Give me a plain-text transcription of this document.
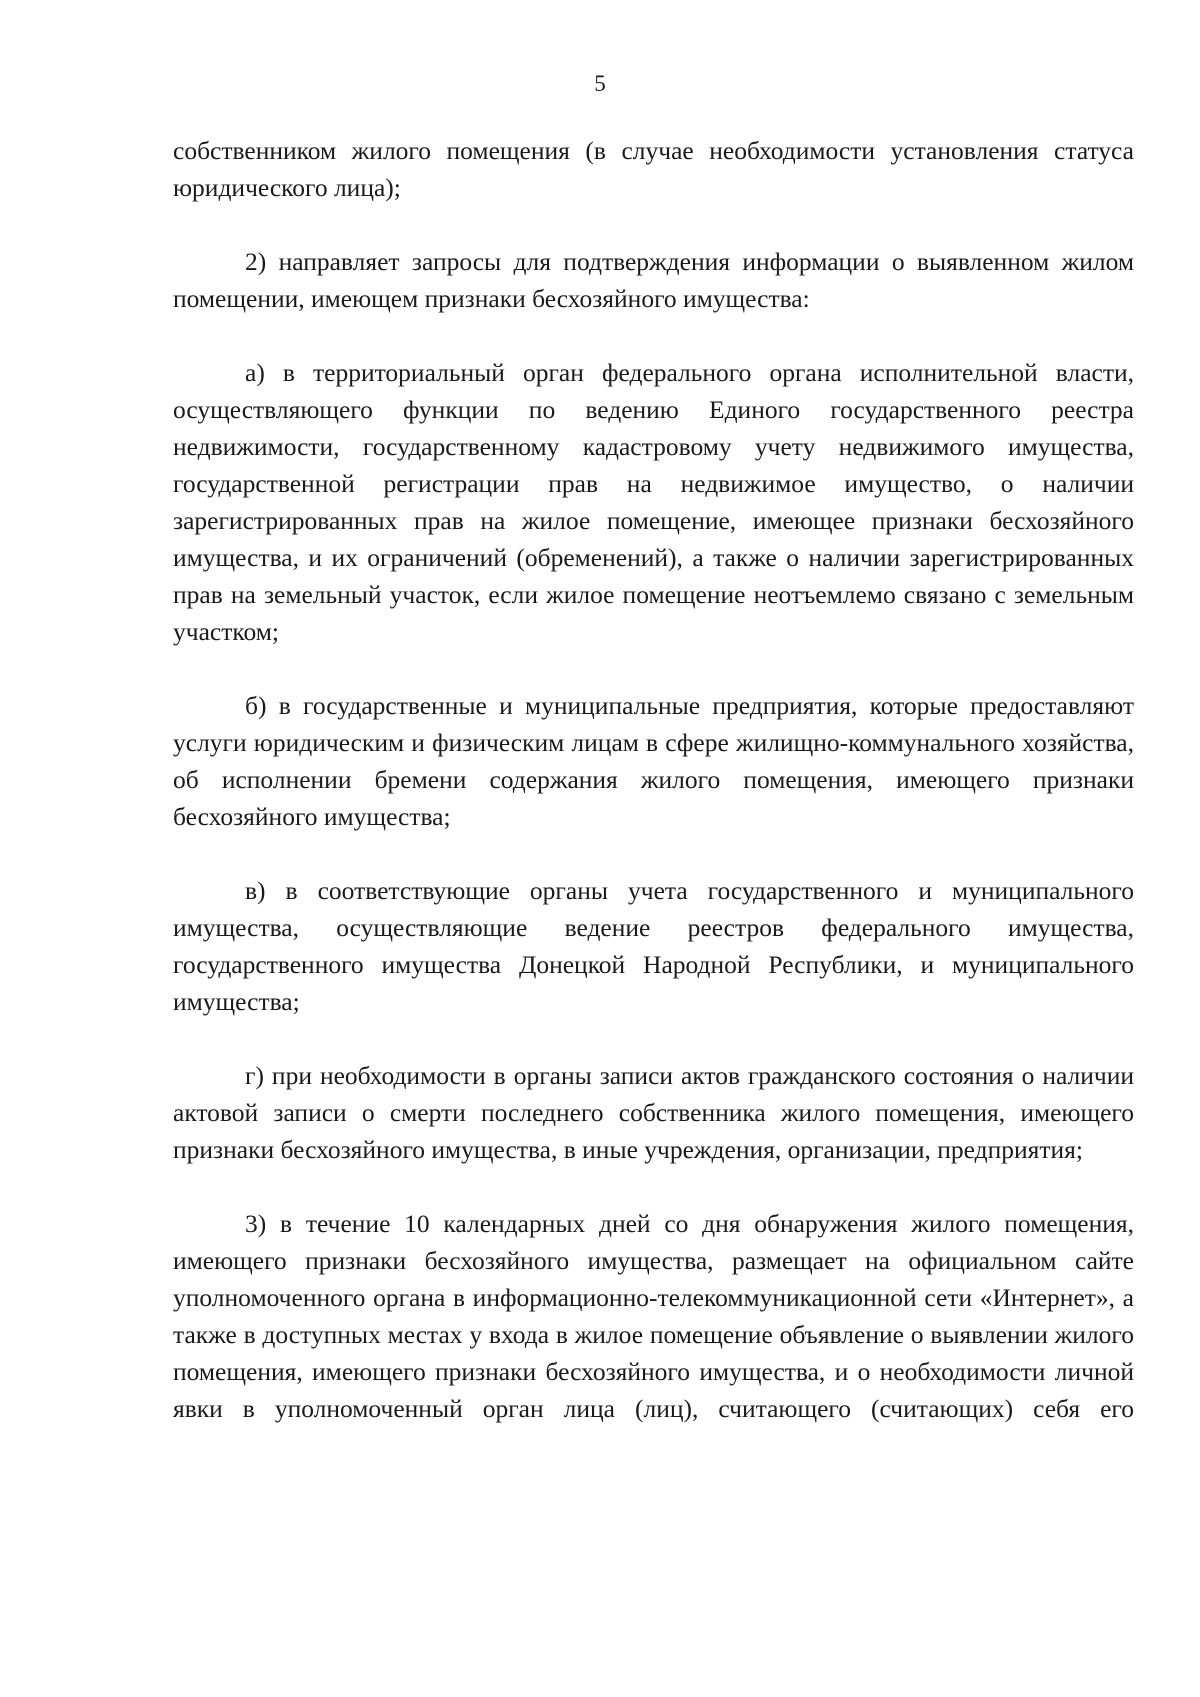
5

собственником жилого помещения (в случае необходимости установления статуса юридического лица);

2) направляет запросы для подтверждения информации о выявленном жилом помещении, имеющем признаки бесхозяйного имущества:

а) в территориальный орган федерального органа исполнительной власти, осуществляющего функции по ведению Единого государственного реестра недвижимости, государственному кадастровому учету недвижимого имущества, государственной регистрации прав на недвижимое имущество, о наличии зарегистрированных прав на жилое помещение, имеющее признаки бесхозяйного имущества, и их ограничений (обременений), а также о наличии зарегистрированных прав на земельный участок, если жилое помещение неотъемлемо связано с земельным участком;

б) в государственные и муниципальные предприятия, которые предоставляют услуги юридическим и физическим лицам в сфере жилищно-коммунального хозяйства, об исполнении бремени содержания жилого помещения, имеющего признаки бесхозяйного имущества;

в) в соответствующие органы учета государственного и муниципального имущества, осуществляющие ведение реестров федерального имущества, государственного имущества Донецкой Народной Республики, и муниципального имущества;

г) при необходимости в органы записи актов гражданского состояния о наличии актовой записи о смерти последнего собственника жилого помещения, имеющего признаки бесхозяйного имущества, в иные учреждения, организации, предприятия;

3) в течение 10 календарных дней со дня обнаружения жилого помещения, имеющего признаки бесхозяйного имущества, размещает на официальном сайте уполномоченного органа в информационно-телекоммуникационной сети «Интернет», а также в доступных местах у входа в жилое помещение объявление о выявлении жилого помещения, имеющего признаки бесхозяйного имущества, и о необходимости личной явки в уполномоченный орган лица (лиц), считающего (считающих) себя его
